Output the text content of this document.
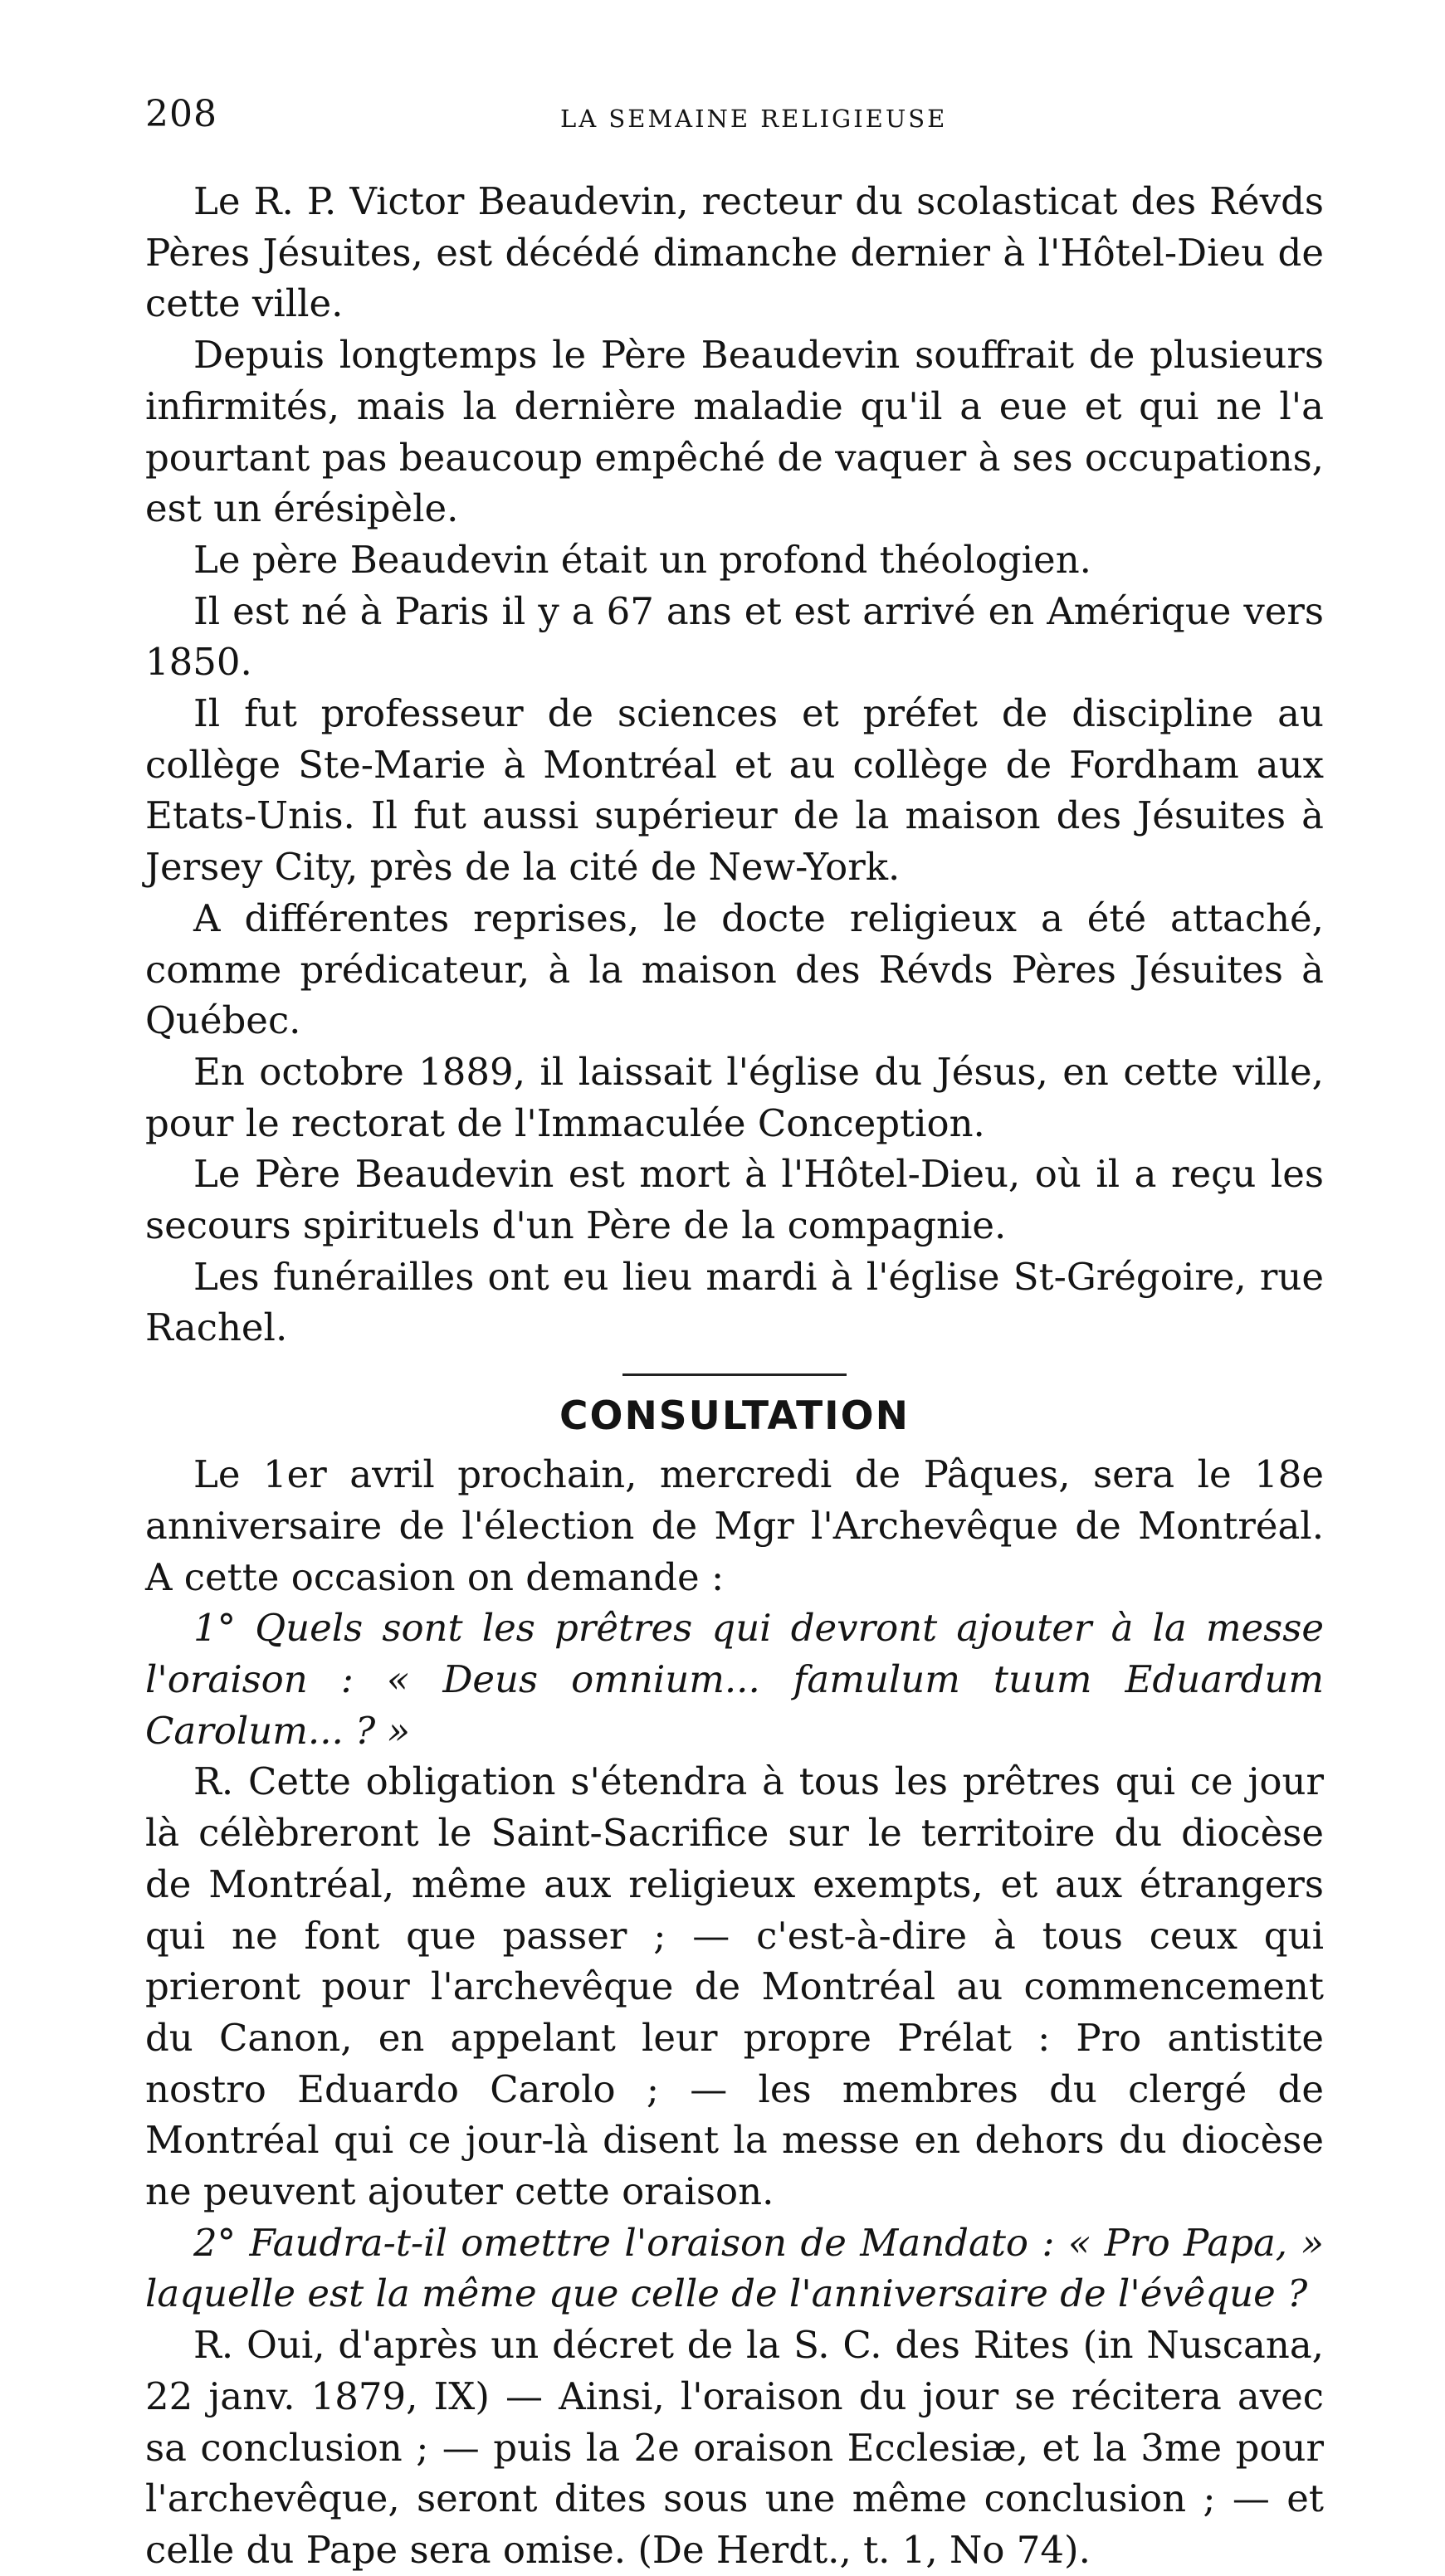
208	LA SEMAINE RELIGIEUSE

Le R. P. Victor Beaudevin, recteur du scolasticat des Révds Pères Jésuites, est décédé dimanche dernier à l'Hôtel-Dieu de cette ville.

Depuis longtemps le Père Beaudevin souffrait de plusieurs infirmités, mais la dernière maladie qu'il a eue et qui ne l'a pourtant pas beaucoup empêché de vaquer à ses occupations, est un érésipèle.

Le père Beaudevin était un profond théologien.

Il est né à Paris il y a 67 ans et est arrivé en Amérique vers 1850.

Il fut professeur de sciences et préfet de discipline au collège Ste-Marie à Montréal et au collège de Fordham aux Etats-Unis. Il fut aussi supérieur de la maison des Jésuites à Jersey City, près de la cité de New-York.

A différentes reprises, le docte religieux a été attaché, comme prédicateur, à la maison des Révds Pères Jésuites à Québec.

En octobre 1889, il laissait l'église du Jésus, en cette ville, pour le rectorat de l'Immaculée Conception.

Le Père Beaudevin est mort à l'Hôtel-Dieu, où il a reçu les secours spirituels d'un Père de la compagnie.

Les funérailles ont eu lieu mardi à l'église St-Grégoire, rue Rachel.

CONSULTATION

Le 1er avril prochain, mercredi de Pâques, sera le 18e anniversaire de l'élection de Mgr l'Archevêque de Montréal. A cette occasion on demande :

1° Quels sont les prêtres qui devront ajouter à la messe l'oraison : « Deus omnium... famulum tuum Eduardum Carolum... ? »

R. Cette obligation s'étendra à tous les prêtres qui ce jour là célèbreront le Saint-Sacrifice sur le territoire du diocèse de Montréal, même aux religieux exempts, et aux étrangers qui ne font que passer ; — c'est-à-dire à tous ceux qui prieront pour l'archevêque de Montréal au commencement du Canon, en appelant leur propre Prélat : Pro antistite nostro Eduardo Carolo ; — les membres du clergé de Montréal qui ce jour-là disent la messe en dehors du diocèse ne peuvent ajouter cette oraison.

2° Faudra-t-il omettre l'oraison de Mandato : « Pro Papa, » laquelle est la même que celle de l'anniversaire de l'évêque ?

R. Oui, d'après un décret de la S. C. des Rites (in Nuscana, 22 janv. 1879, IX) — Ainsi, l'oraison du jour se récitera avec sa conclusion ; — puis la 2e oraison Ecclesiæ, et la 3me pour l'archevêque, seront dites sous une même conclusion ; — et celle du Pape sera omise. (De Herdt., t. 1, No 74).
